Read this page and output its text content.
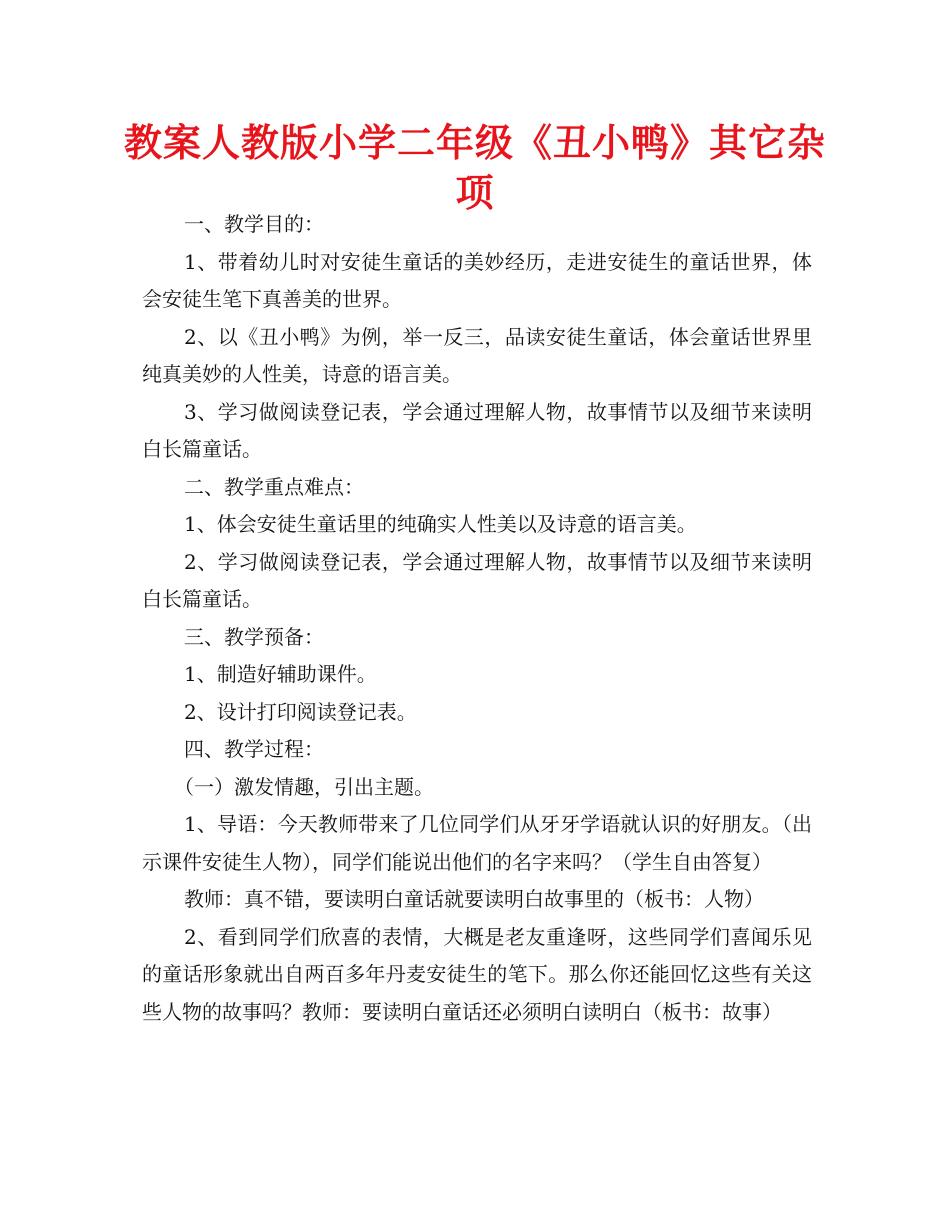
教案人教版小学二年级《丑小鸭》其它杂项

一、教学目的：

1、带着幼儿时对安徒生童话的美妙经历，走进安徒生的童话世界，体会安徒生笔下真善美的世界。

2、以《丑小鸭》为例，举一反三，品读安徒生童话，体会童话世界里纯真美妙的人性美，诗意的语言美。

3、学习做阅读登记表，学会通过理解人物，故事情节以及细节来读明白长篇童话。

二、教学重点难点：

1、体会安徒生童话里的纯确实人性美以及诗意的语言美。

2、学习做阅读登记表，学会通过理解人物，故事情节以及细节来读明白长篇童话。

三、教学预备：

1、制造好辅助课件。

2、设计打印阅读登记表。

四、教学过程：

（一）激发情趣，引出主题。

1、导语：今天教师带来了几位同学们从牙牙学语就认识的好朋友。（出示课件安徒生人物），同学们能说出他们的名字来吗？（学生自由答复）

教师：真不错，要读明白童话就要读明白故事里的（板书：人物）

2、看到同学们欣喜的表情，大概是老友重逢呀，这些同学们喜闻乐见的童话形象就出自两百多年丹麦安徒生的笔下。那么你还能回忆这些有关这些人物的故事吗？教师：要读明白童话还必须明白读明白（板书：故事）
